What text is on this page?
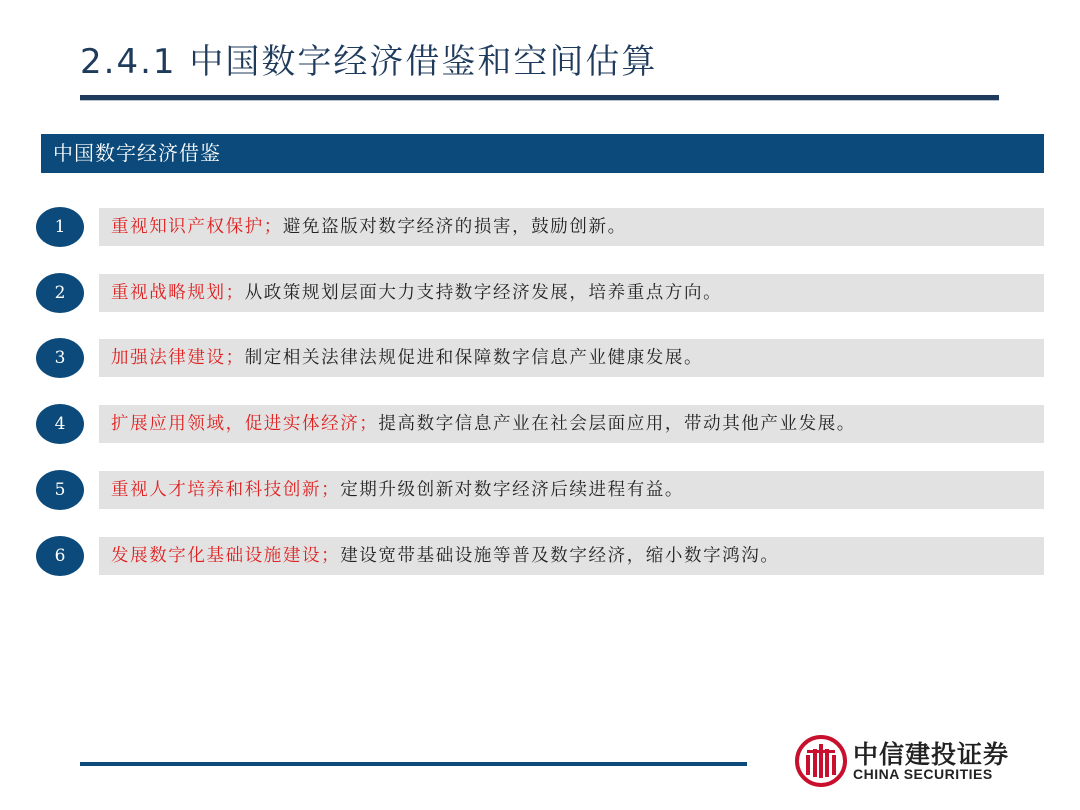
2.4.1 中国数字经济借鉴和空间估算
中国数字经济借鉴
1	重视知识产权保护；避免盗版对数字经济的损害，鼓励创新。
2	重视战略规划；从政策规划层面大力支持数字经济发展，培养重点方向。
3	加强法律建设；制定相关法律法规促进和保障数字信息产业健康发展。
4	扩展应用领域，促进实体经济；提高数字信息产业在社会层面应用，带动其他产业发展。
5	重视人才培养和科技创新；定期升级创新对数字经济后续进程有益。
6	发展数字化基础设施建设；建设宽带基础设施等普及数字经济，缩小数字鸿沟。
中信建投证券
CHINA SECURITIES
